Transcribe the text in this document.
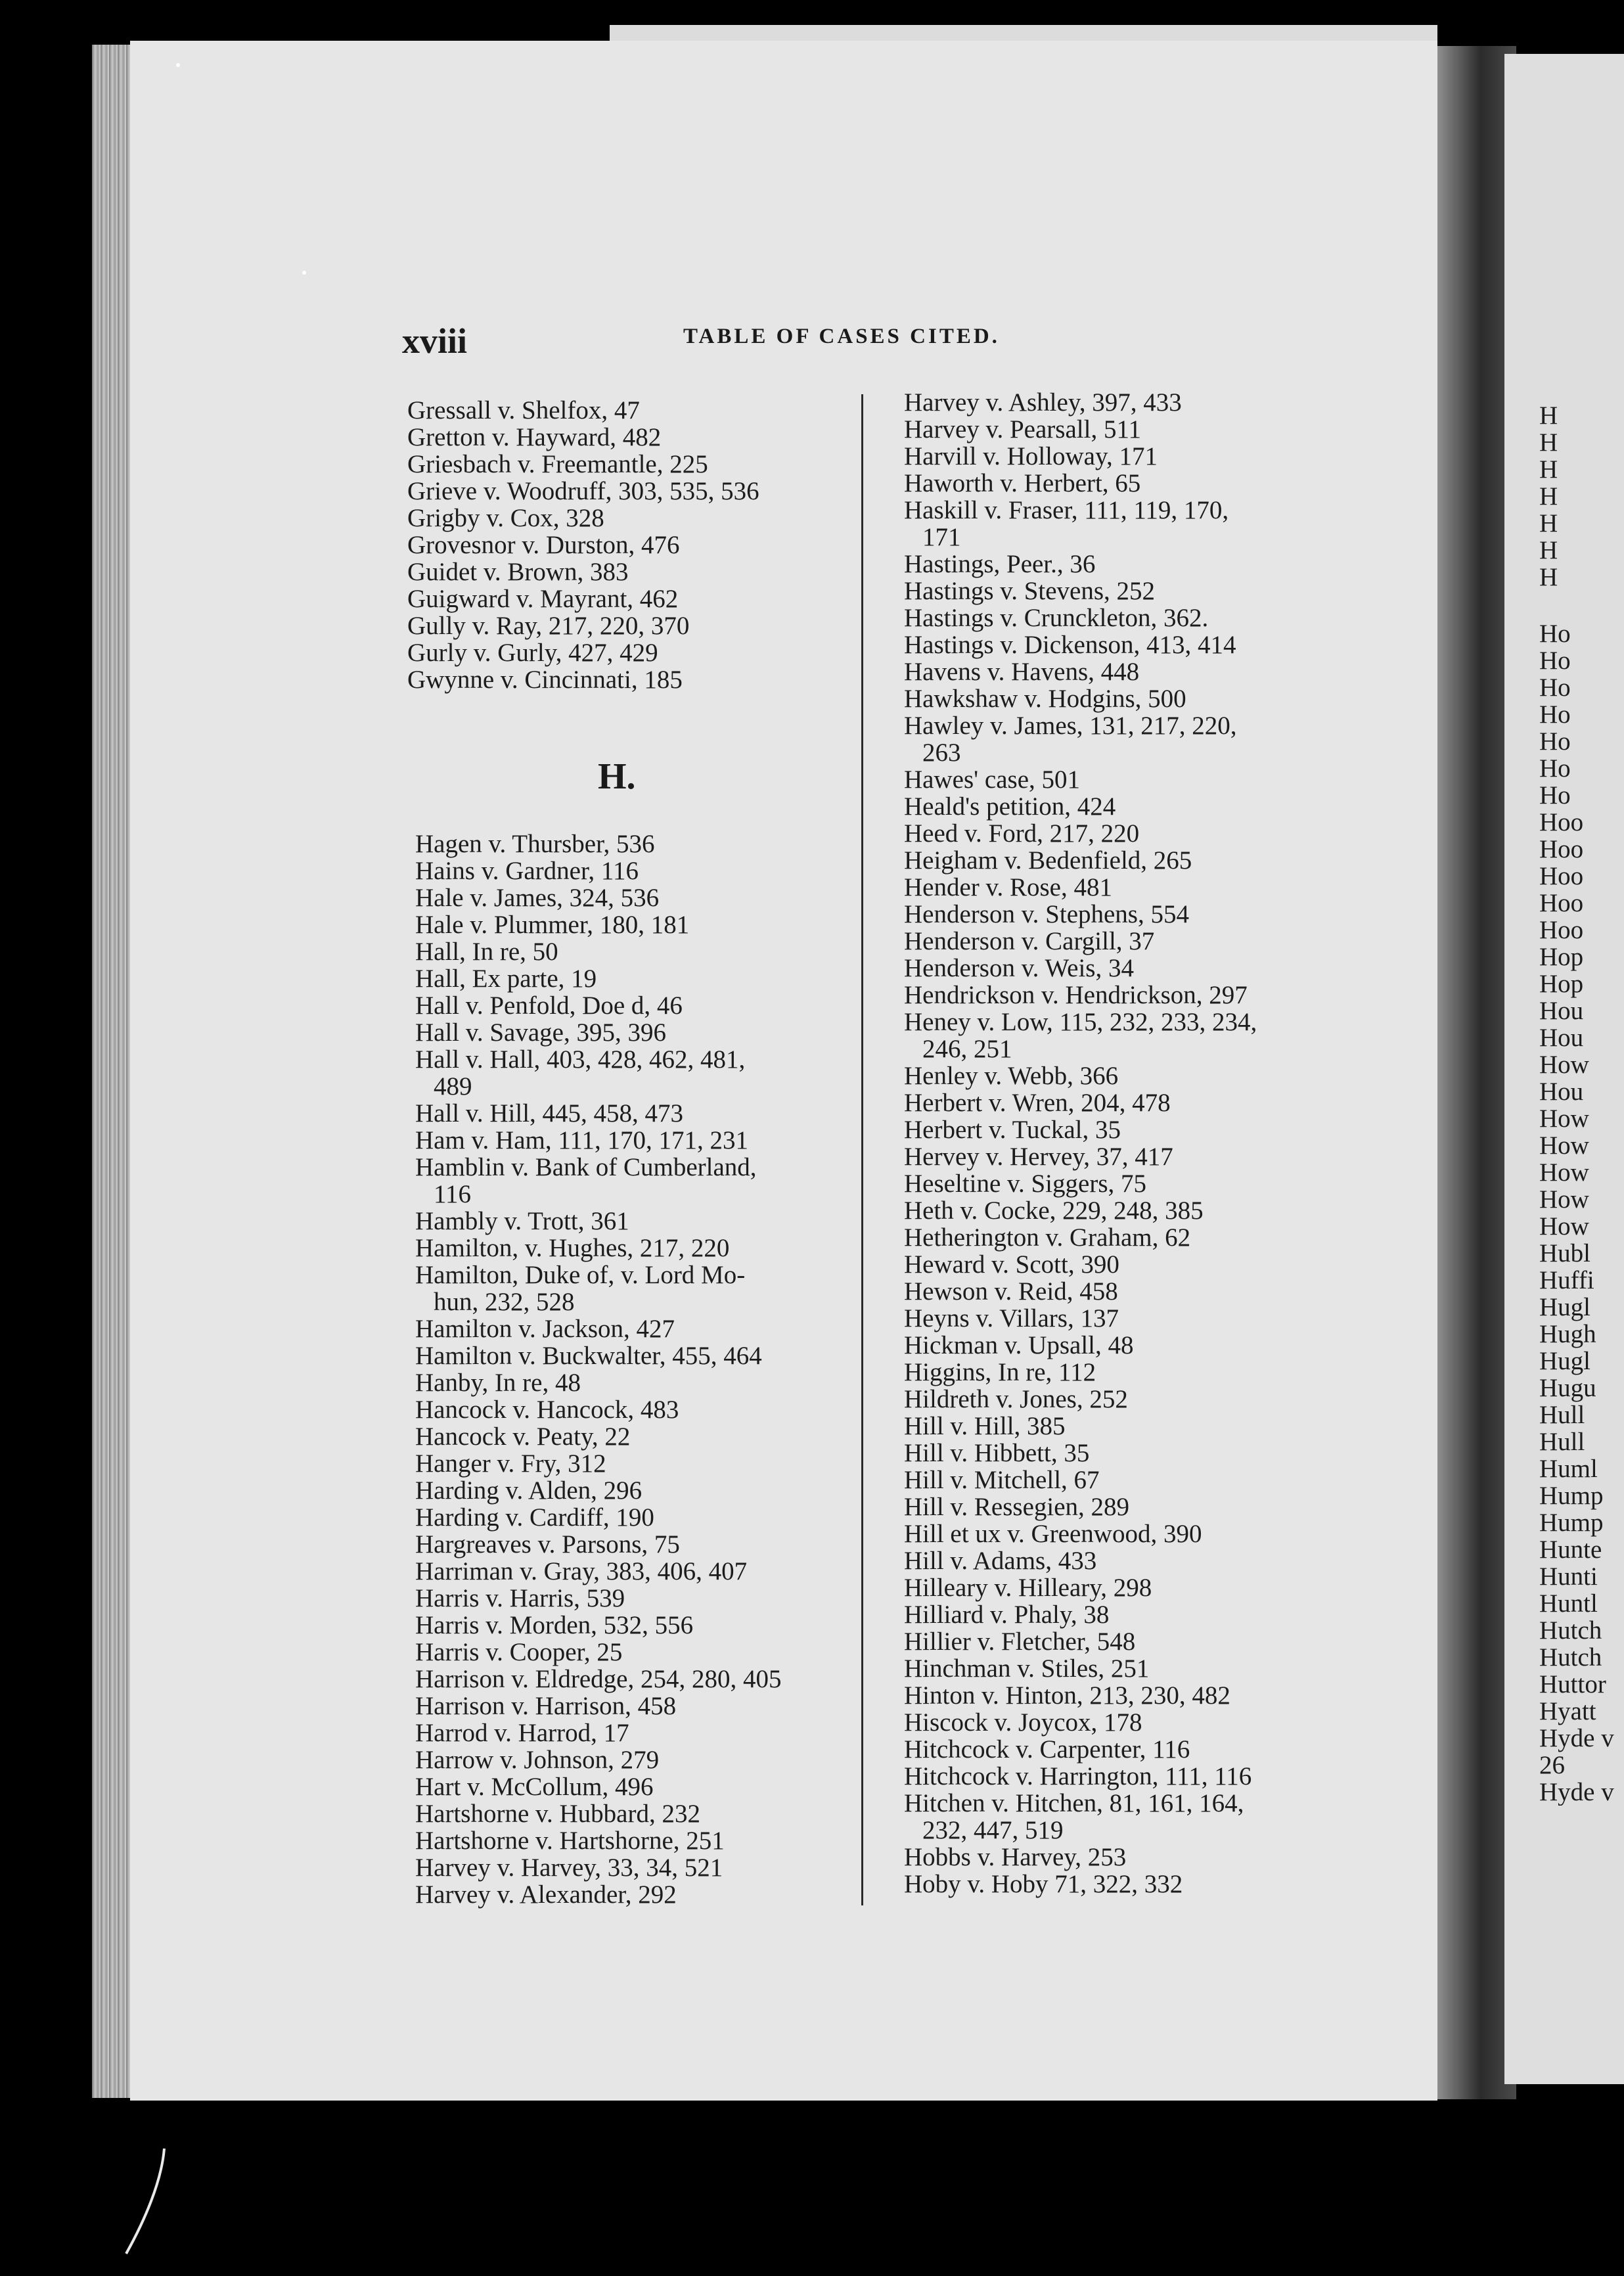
xviii	TABLE OF CASES CITED.
Gressall v. Shelfox, 47
Gretton v. Hayward, 482
Griesbach v. Freemantle, 225
Grieve v. Woodruff, 303, 535, 536
Grigby v. Cox, 328
Grovesnor v. Durston, 476
Guidet v. Brown, 383
Guigward v. Mayrant, 462
Gully v. Ray, 217, 220, 370
Gurly v. Gurly, 427, 429
Gwynne v. Cincinnati, 185
H.
Hagen v. Thursber, 536
Hains v. Gardner, 116
Hale v. James, 324, 536
Hale v. Plummer, 180, 181
Hall, In re, 50
Hall, Ex parte, 19
Hall v. Penfold, Doe d, 46
Hall v. Savage, 395, 396
Hall v. Hall, 403, 428, 462, 481,
489
Hall v. Hill, 445, 458, 473
Ham v. Ham, 111, 170, 171, 231
Hamblin v. Bank of Cumberland,
116
Hambly v. Trott, 361
Hamilton, v. Hughes, 217, 220
Hamilton, Duke of, v. Lord Mo-
hun, 232, 528
Hamilton v. Jackson, 427
Hamilton v. Buckwalter, 455, 464
Hanby, In re, 48
Hancock v. Hancock, 483
Hancock v. Peaty, 22
Hanger v. Fry, 312
Harding v. Alden, 296
Harding v. Cardiff, 190
Hargreaves v. Parsons, 75
Harriman v. Gray, 383, 406, 407
Harris v. Harris, 539
Harris v. Morden, 532, 556
Harris v. Cooper, 25
Harrison v. Eldredge, 254, 280, 405
Harrison v. Harrison, 458
Harrod v. Harrod, 17
Harrow v. Johnson, 279
Hart v. McCollum, 496
Hartshorne v. Hubbard, 232
Hartshorne v. Hartshorne, 251
Harvey v. Harvey, 33, 34, 521
Harvey v. Alexander, 292
Harvey v. Ashley, 397, 433
Harvey v. Pearsall, 511
Harvill v. Holloway, 171
Haworth v. Herbert, 65
Haskill v. Fraser, 111, 119, 170,
171
Hastings, Peer., 36
Hastings v. Stevens, 252
Hastings v. Crunckleton, 362.
Hastings v. Dickenson, 413, 414
Havens v. Havens, 448
Hawkshaw v. Hodgins, 500
Hawley v. James, 131, 217, 220,
263
Hawes' case, 501
Heald's petition, 424
Heed v. Ford, 217, 220
Heigham v. Bedenfield, 265
Hender v. Rose, 481
Henderson v. Stephens, 554
Henderson v. Cargill, 37
Henderson v. Weis, 34
Hendrickson v. Hendrickson, 297
Heney v. Low, 115, 232, 233, 234,
246, 251
Henley v. Webb, 366
Herbert v. Wren, 204, 478
Herbert v. Tuckal, 35
Hervey v. Hervey, 37, 417
Heseltine v. Siggers, 75
Heth v. Cocke, 229, 248, 385
Hetherington v. Graham, 62
Heward v. Scott, 390
Hewson v. Reid, 458
Heyns v. Villars, 137
Hickman v. Upsall, 48
Higgins, In re, 112
Hildreth v. Jones, 252
Hill v. Hill, 385
Hill v. Hibbett, 35
Hill v. Mitchell, 67
Hill v. Ressegien, 289
Hill et ux v. Greenwood, 390
Hill v. Adams, 433
Hilleary v. Hilleary, 298
Hilliard v. Phaly, 38
Hillier v. Fletcher, 548
Hinchman v. Stiles, 251
Hinton v. Hinton, 213, 230, 482
Hiscock v. Joycox, 178
Hitchcock v. Carpenter, 116
Hitchcock v. Harrington, 111, 116
Hitchen v. Hitchen, 81, 161, 164,
232, 447, 519
Hobbs v. Harvey, 253
Hoby v. Hoby 71, 322, 332
H
H
H
H
H
H
H
Ho
Ho
Ho
Ho
Ho
Ho
Ho
Hoo
Hoo
Hoo
Hoo
Hoo
Hop
Hop
Hou
Hou
How
Hou
How
How
How
How
How
Hubl
Huffi
Hugl
Hugh
Hugl
Hugu
Hull
Hull
Huml
Hump
Hump
Hunte
Hunti
Huntl
Hutch
Hutch
Huttor
Hyatt
Hyde v
26
Hyde v
